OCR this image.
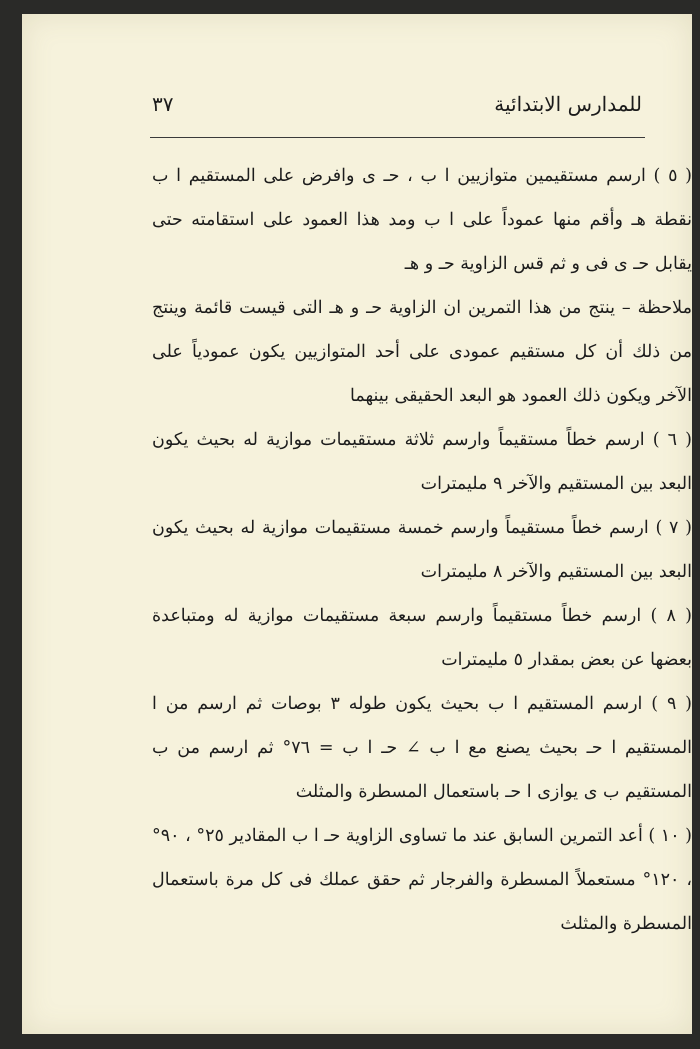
للمدارس الابتدائية
٣٧

( ٥ ) ارسم مستقيمين متوازيين ا ب ، حـ ى وافرض على المستقيم ا ب نقطة هـ وأقم منها عموداً على ا ب ومد هذا العمود على استقامته حتى يقابل حـ ى فى و ثم قس الزاوية حـ و هـ

ملاحظة – ينتج من هذا التمرين ان الزاوية حـ و هـ التى قيست قائمة وينتج من ذلك أن كل مستقيم عمودى على أحد المتوازيين يكون عمودياً على الآخر ويكون ذلك العمود هو البعد الحقيقى بينهما

( ٦ ) ارسم خطاً مستقيماً وارسم ثلاثة مستقيمات موازية له بحيث يكون البعد بين المستقيم والآخر ٩ مليمترات

( ٧ ) ارسم خطاً مستقيماً وارسم خمسة مستقيمات موازية له بحيث يكون البعد بين المستقيم والآخر ٨ مليمترات

( ٨ ) ارسم خطاً مستقيماً وارسم سبعة مستقيمات موازية له ومتباعدة بعضها عن بعض بمقدار ٥ مليمترات

( ٩ ) ارسم المستقيم ا ب بحيث يكون طوله ٣ بوصات ثم ارسم من ا المستقيم ا حـ بحيث يصنع مع ا ب ∠ حـ ا ب = ٧٦° ثم ارسم من ب المستقيم ب ى يوازى ا حـ باستعمال المسطرة والمثلث

( ١٠ ) أعد التمرين السابق عند ما تساوى الزاوية حـ ا ب المقادير ٢٥° ، ٩٠° ، ١٢٠° مستعملاً المسطرة والفرجار ثم حقق عملك فى كل مرة باستعمال المسطرة والمثلث
